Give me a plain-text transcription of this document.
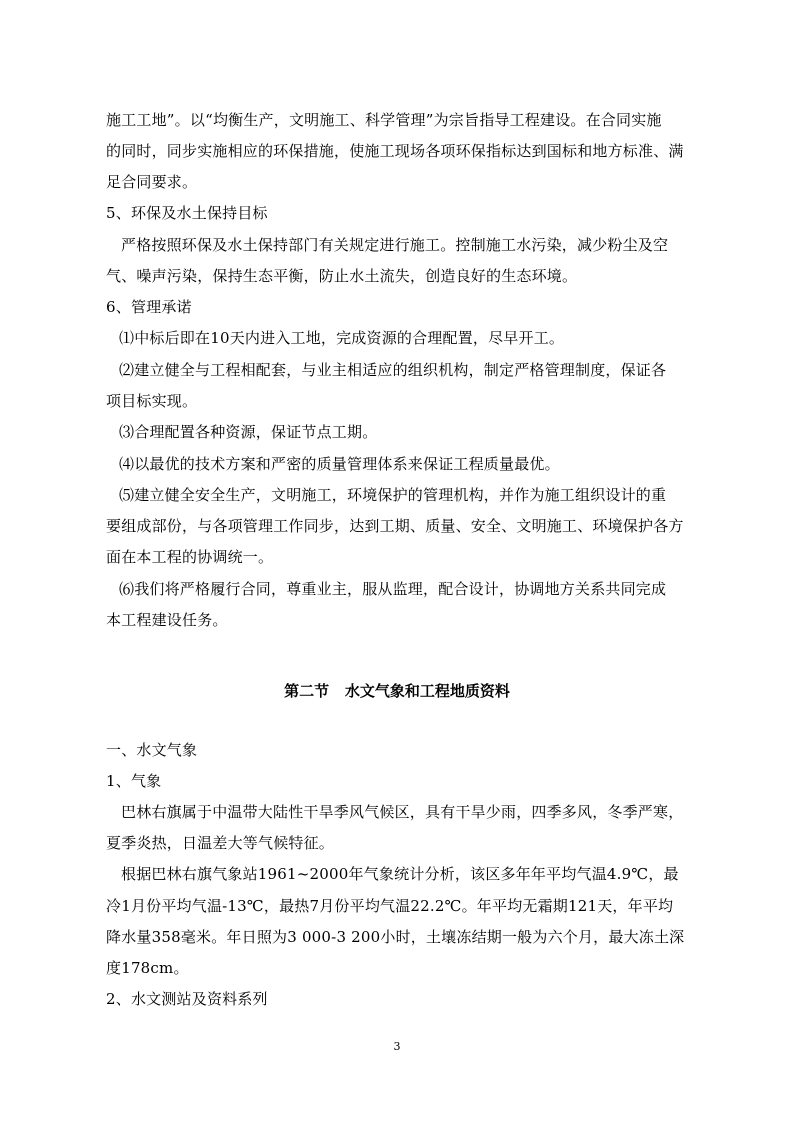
施工工地”。以“均衡生产，文明施工、科学管理”为宗旨指导工程建设。在合同实施
的同时，同步实施相应的环保措施，使施工现场各项环保指标达到国标和地方标准、满
足合同要求。
5、环保及水土保持目标
严格按照环保及水土保持部门有关规定进行施工。控制施工水污染，减少粉尘及空
气、噪声污染，保持生态平衡，防止水土流失，创造良好的生态环境。
6、管理承诺
⑴中标后即在10天内进入工地，完成资源的合理配置，尽早开工。
⑵建立健全与工程相配套，与业主相适应的组织机构，制定严格管理制度，保证各
项目标实现。
⑶合理配置各种资源，保证节点工期。
⑷以最优的技术方案和严密的质量管理体系来保证工程质量最优。
⑸建立健全安全生产，文明施工，环境保护的管理机构，并作为施工组织设计的重
要组成部份，与各项管理工作同步，达到工期、质量、安全、文明施工、环境保护各方
面在本工程的协调统一。
⑹我们将严格履行合同，尊重业主，服从监理，配合设计，协调地方关系共同完成
本工程建设任务。
第二节   水文气象和工程地质资料
一、水文气象
1、气象
巴林右旗属于中温带大陆性干旱季风气候区，具有干旱少雨，四季多风，冬季严寒，
夏季炎热，日温差大等气候特征。
根据巴林右旗气象站1961~2000年气象统计分析，该区多年年平均气温4.9℃，最
冷1月份平均气温-13℃，最热7月份平均气温22.2℃。年平均无霜期121天，年平均
降水量358毫米。年日照为3 000-3 200小时，土壤冻结期一般为六个月，最大冻土深
度178cm。
2、水文测站及资料系列
3
